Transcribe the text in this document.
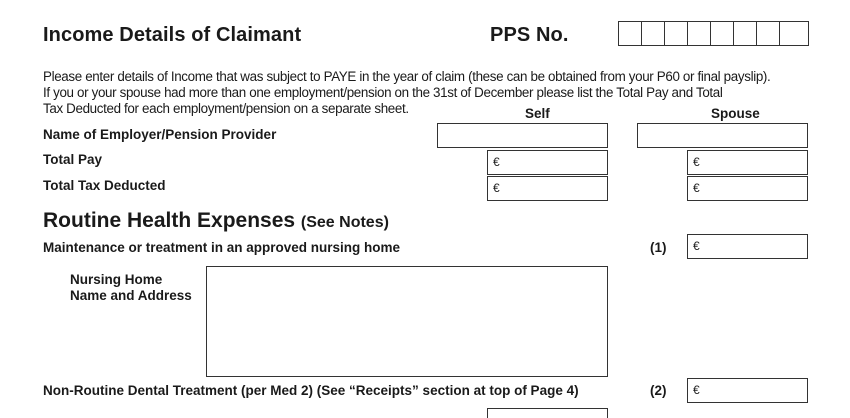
Income Details of Claimant	PPS No.
Please enter details of Income that was subject to PAYE in the year of claim (these can be obtained from your P60 or final payslip).
If you or your spouse had more than one employment/pension on the 31st of December please list the Total Pay and Total
Tax Deducted for each employment/pension on a separate sheet.	Self	Spouse
Name of Employer/Pension Provider
Total Pay	€	€
Total Tax Deducted	€	€
Routine Health Expenses (See Notes)
Maintenance or treatment in an approved nursing home	(1) €
Nursing Home
Name and Address
Non-Routine Dental Treatment (per Med 2) (See “Receipts” section at top of Page 4)	(2) €
